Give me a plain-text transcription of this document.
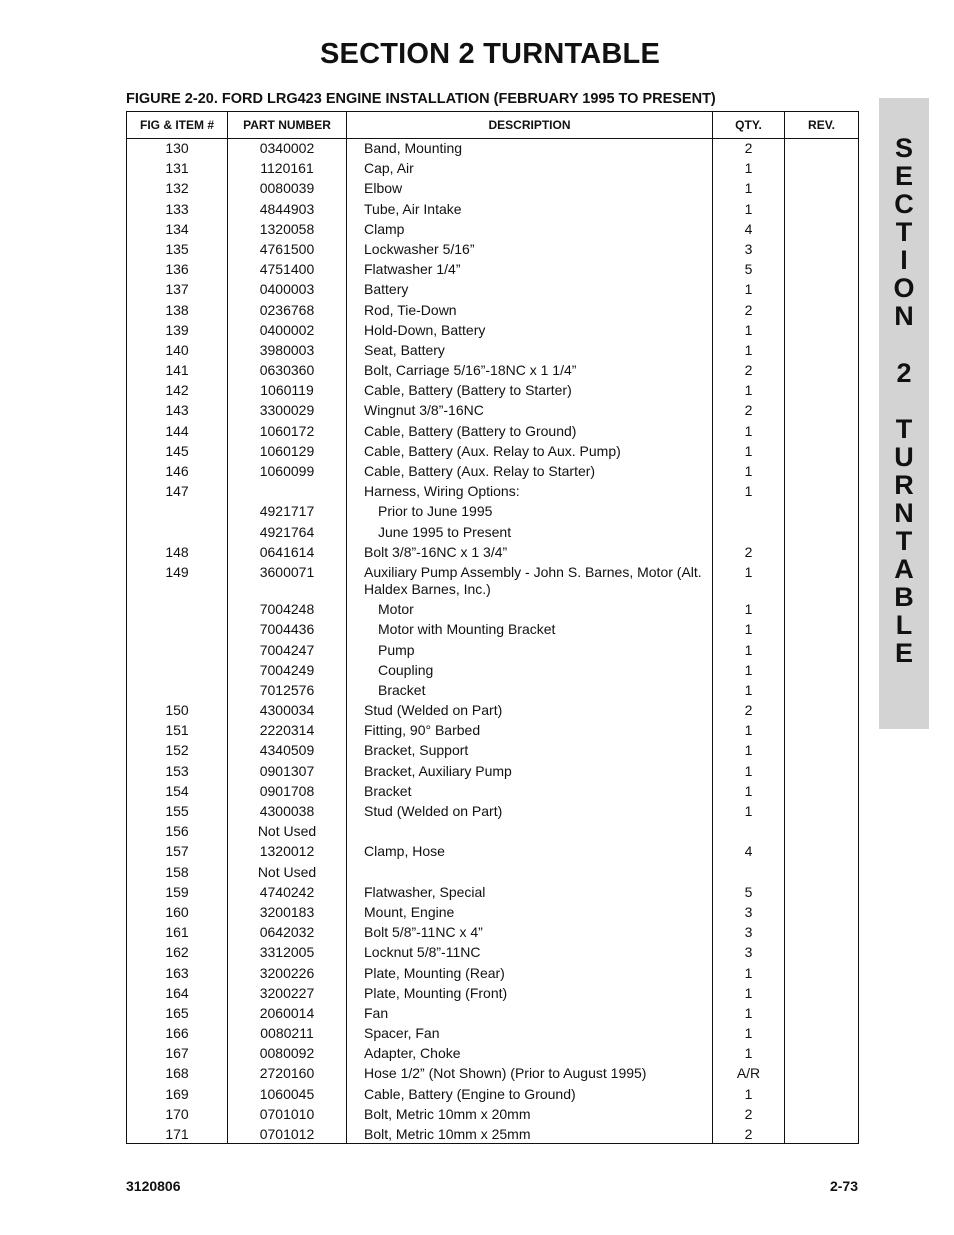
SECTION 2 TURNTABLE
FIGURE 2-20. FORD LRG423 ENGINE INSTALLATION (FEBRUARY 1995 TO PRESENT)
FIG & ITEM #	PART NUMBER	DESCRIPTION	QTY.	REV.
130	0340002	Band, Mounting	2	
131	1120161	Cap, Air	1	
132	0080039	Elbow	1	
133	4844903	Tube, Air Intake	1	
134	1320058	Clamp	4	
135	4761500	Lockwasher 5/16”	3	
136	4751400	Flatwasher 1/4”	5	
137	0400003	Battery	1	
138	0236768	Rod, Tie-Down	2	
139	0400002	Hold-Down, Battery	1	
140	3980003	Seat, Battery	1	
141	0630360	Bolt, Carriage 5/16”-18NC x 1 1/4”	2	
142	1060119	Cable, Battery (Battery to Starter)	1	
143	3300029	Wingnut 3/8”-16NC	2	
144	1060172	Cable, Battery (Battery to Ground)	1	
145	1060129	Cable, Battery (Aux. Relay to Aux. Pump)	1	
146	1060099	Cable, Battery (Aux. Relay to Starter)	1	
147		Harness, Wiring Options:	1	
	4921717	Prior to June 1995		
	4921764	June 1995 to Present		
148	0641614	Bolt 3/8”-16NC x 1 3/4”	2	
149	3600071	Auxiliary Pump Assembly - John S. Barnes, Motor (Alt. Haldex Barnes, Inc.)	1	
	7004248	Motor	1	
	7004436	Motor with Mounting Bracket	1	
	7004247	Pump	1	
	7004249	Coupling	1	
	7012576	Bracket	1	
150	4300034	Stud (Welded on Part)	2	
151	2220314	Fitting, 90° Barbed	1	
152	4340509	Bracket, Support	1	
153	0901307	Bracket, Auxiliary Pump	1	
154	0901708	Bracket	1	
155	4300038	Stud (Welded on Part)	1	
156	Not Used			
157	1320012	Clamp, Hose	4	
158	Not Used			
159	4740242	Flatwasher, Special	5	
160	3200183	Mount, Engine	3	
161	0642032	Bolt 5/8”-11NC x 4”	3	
162	3312005	Locknut 5/8”-11NC	3	
163	3200226	Plate, Mounting (Rear)	1	
164	3200227	Plate, Mounting (Front)	1	
165	2060014	Fan	1	
166	0080211	Spacer, Fan	1	
167	0080092	Adapter, Choke	1	
168	2720160	Hose 1/2” (Not Shown) (Prior to August 1995)	A/R	
169	1060045	Cable, Battery (Engine to Ground)	1	
170	0701010	Bolt, Metric 10mm x 20mm	2	
171	0701012	Bolt, Metric 10mm x 25mm	2	
S
E
C
T
I
O
N
2
T
U
R
N
T
A
B
L
E
3120806	2-73
